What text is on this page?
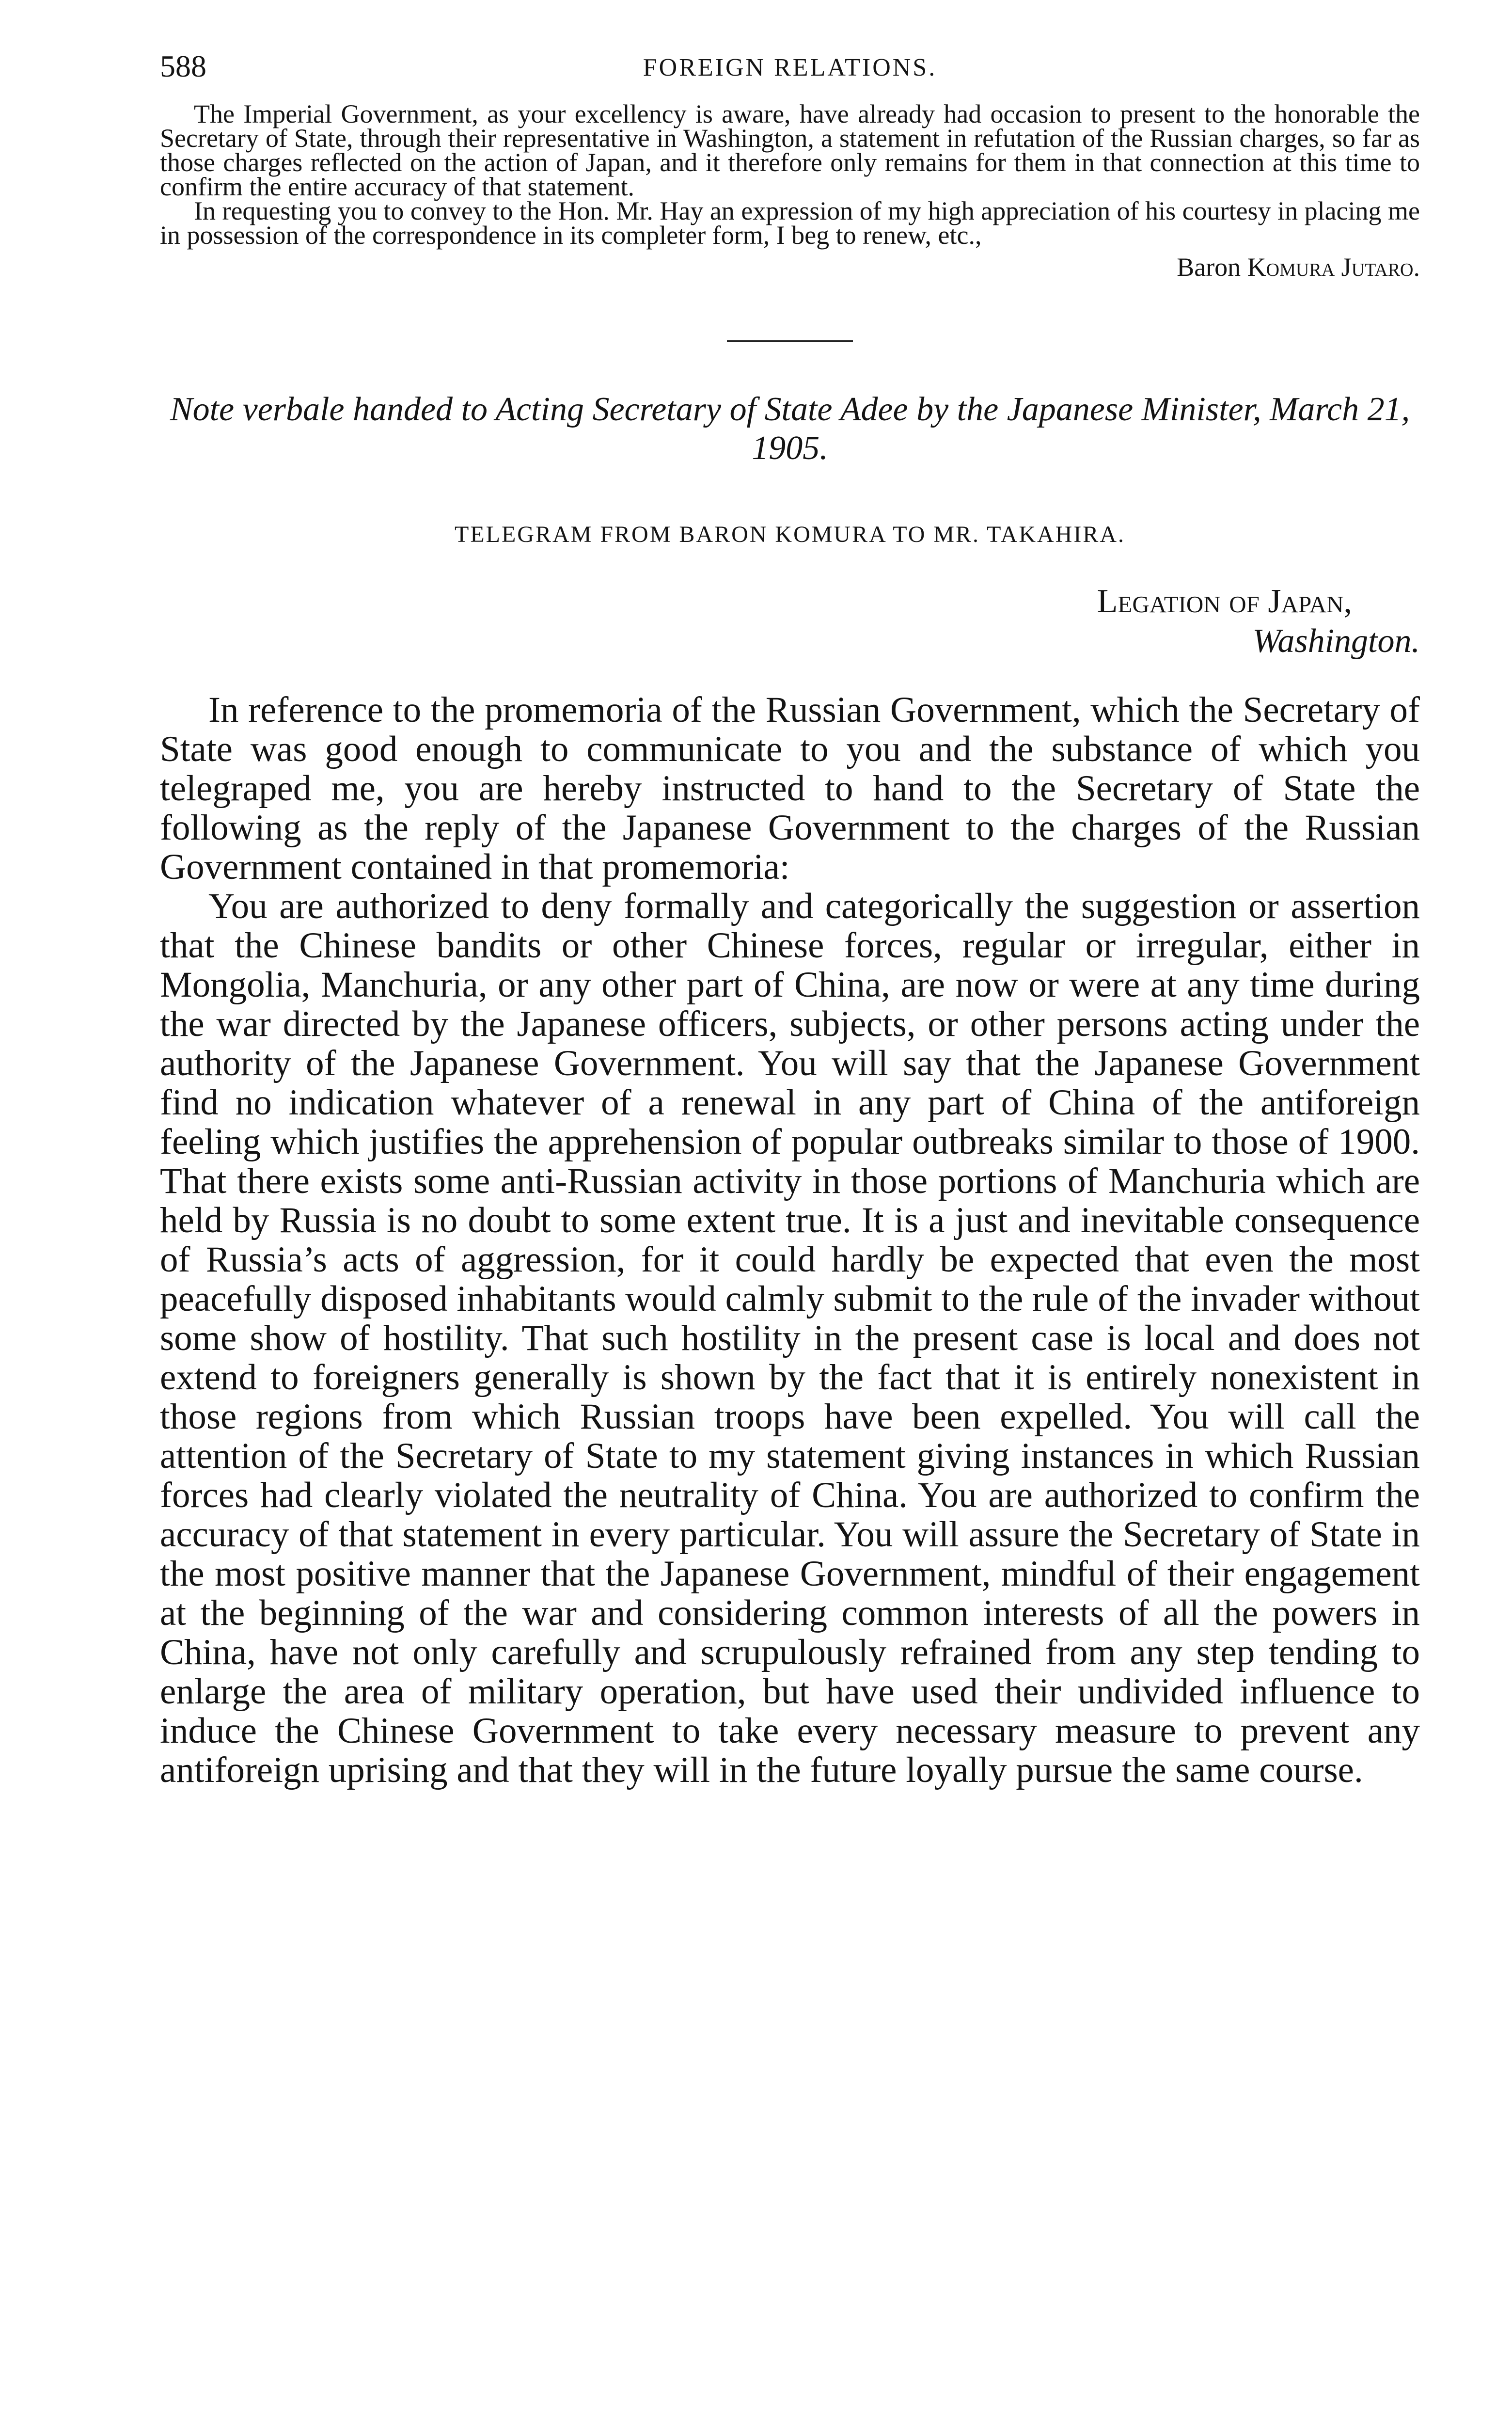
588	FOREIGN RELATIONS.

The Imperial Government, as your excellency is aware, have already had occasion to present to the honorable the Secretary of State, through their representative in Washington, a statement in refutation of the Russian charges, so far as those charges reflected on the action of Japan, and it therefore only remains for them in that connection at this time to confirm the entire accuracy of that statement.

In requesting you to convey to the Hon. Mr. Hay an expression of my high appreciation of his courtesy in placing me in possession of the correspondence in its completer form, I beg to renew, etc.,

Baron Komura Jutaro.

Note verbale handed to Acting Secretary of State Adee by the Japanese Minister, March 21, 1905.

TELEGRAM FROM BARON KOMURA TO MR. TAKAHIRA.
Legation of Japan,
Washington.

In reference to the promemoria of the Russian Government, which the Secretary of State was good enough to communicate to you and the substance of which you telegraped me, you are hereby instructed to hand to the Secretary of State the following as the reply of the Japanese Government to the charges of the Russian Government contained in that promemoria:

You are authorized to deny formally and categorically the suggestion or assertion that the Chinese bandits or other Chinese forces, regular or irregular, either in Mongolia, Manchuria, or any other part of China, are now or were at any time during the war directed by the Japanese officers, subjects, or other persons acting under the authority of the Japanese Government. You will say that the Japanese Government find no indication whatever of a renewal in any part of China of the antiforeign feeling which justifies the apprehension of popular outbreaks similar to those of 1900. That there exists some anti-Russian activity in those portions of Manchuria which are held by Russia is no doubt to some extent true. It is a just and inevitable consequence of Russia’s acts of aggression, for it could hardly be expected that even the most peacefully disposed inhabitants would calmly submit to the rule of the invader without some show of hostility. That such hostility in the present case is local and does not extend to foreigners generally is shown by the fact that it is entirely nonexistent in those regions from which Russian troops have been expelled. You will call the attention of the Secretary of State to my statement giving instances in which Russian forces had clearly violated the neutrality of China. You are authorized to confirm the accuracy of that statement in every particular. You will assure the Secretary of State in the most positive manner that the Japanese Government, mindful of their engagement at the beginning of the war and considering common interests of all the powers in China, have not only carefully and scrupulously refrained from any step tending to enlarge the area of military operation, but have used their undivided influence to induce the Chinese Government to take every necessary measure to prevent any antiforeign uprising and that they will in the future loyally pursue the same course.
